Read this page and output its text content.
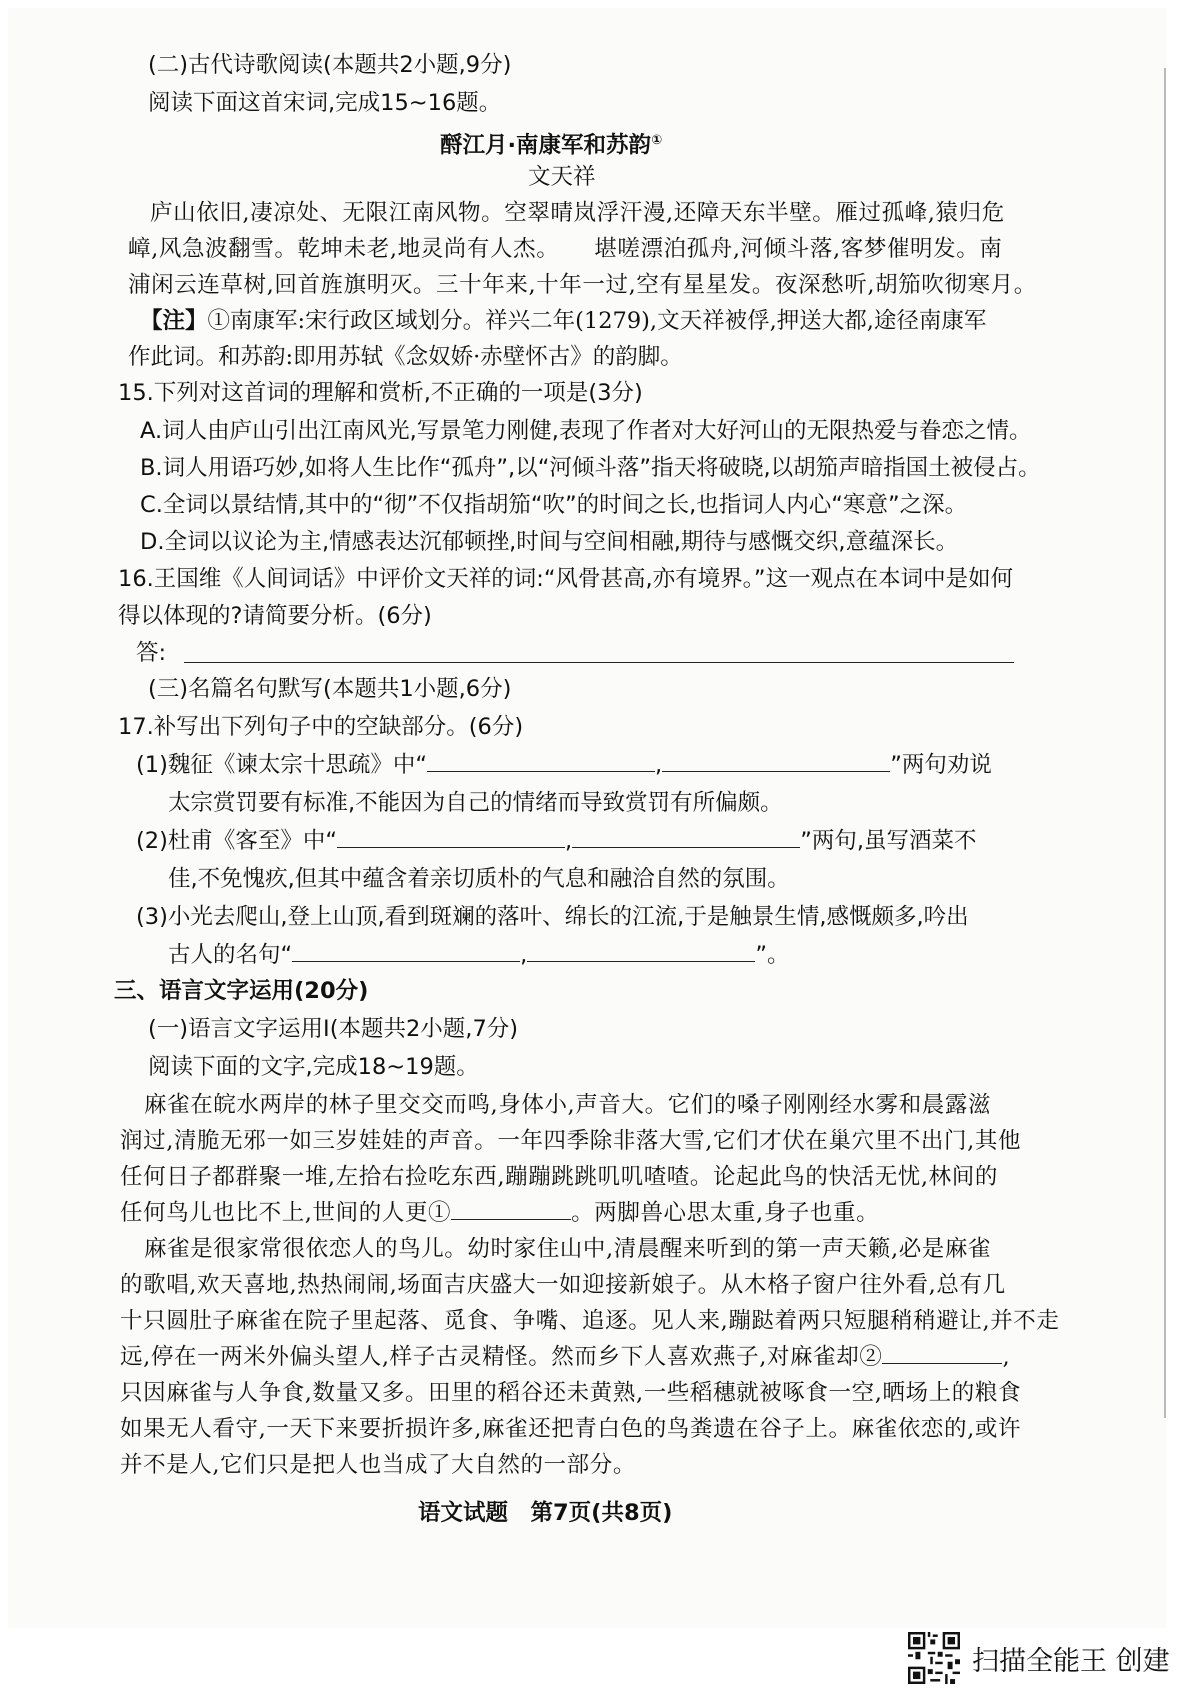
(二)古代诗歌阅读(本题共2小题,9分)
阅读下面这首宋词,完成15~16题。
酹江月·南康军和苏韵①
文天祥
庐山依旧,凄凉处、无限江南风物。空翠晴岚浮汗漫,还障天东半壁。雁过孤峰,猿归危
嶂,风急波翻雪。乾坤未老,地灵尚有人杰。　　堪嗟漂泊孤舟,河倾斗落,客梦催明发。南
浦闲云连草树,回首旌旗明灭。三十年来,十年一过,空有星星发。夜深愁听,胡笳吹彻寒月。
【注】①南康军:宋行政区域划分。祥兴二年(1279),文天祥被俘,押送大都,途径南康军
作此词。和苏韵:即用苏轼《念奴娇·赤壁怀古》的韵脚。
15.下列对这首词的理解和赏析,不正确的一项是(3分)
A.词人由庐山引出江南风光,写景笔力刚健,表现了作者对大好河山的无限热爱与眷恋之情。
B.词人用语巧妙,如将人生比作“孤舟”,以“河倾斗落”指天将破晓,以胡笳声暗指国土被侵占。
C.全词以景结情,其中的“彻”不仅指胡笳“吹”的时间之长,也指词人内心“寒意”之深。
D.全词以议论为主,情感表达沉郁顿挫,时间与空间相融,期待与感慨交织,意蕴深长。
16.王国维《人间词话》中评价文天祥的词:“风骨甚高,亦有境界。”这一观点在本词中是如何
得以体现的?请简要分析。(6分)
答:
(三)名篇名句默写(本题共1小题,6分)
17.补写出下列句子中的空缺部分。(6分)
(1)魏征《谏太宗十思疏》中“	,	”两句劝说
太宗赏罚要有标准,不能因为自己的情绪而导致赏罚有所偏颇。
(2)杜甫《客至》中“	,	”两句,虽写酒菜不
佳,不免愧疚,但其中蕴含着亲切质朴的气息和融洽自然的氛围。
(3)小光去爬山,登上山顶,看到斑斓的落叶、绵长的江流,于是触景生情,感慨颇多,吟出
古人的名句“	,	”。
三、语言文字运用(20分)
(一)语言文字运用Ⅰ(本题共2小题,7分)
阅读下面的文字,完成18~19题。
麻雀在皖水两岸的林子里交交而鸣,身体小,声音大。它们的嗓子刚刚经水雾和晨露滋
润过,清脆无邪一如三岁娃娃的声音。一年四季除非落大雪,它们才伏在巢穴里不出门,其他
任何日子都群聚一堆,左拾右捡吃东西,蹦蹦跳跳叽叽喳喳。论起此鸟的快活无忧,林间的
任何鸟儿也比不上,世间的人更①	。两脚兽心思太重,身子也重。
麻雀是很家常很依恋人的鸟儿。幼时家住山中,清晨醒来听到的第一声天籁,必是麻雀
的歌唱,欢天喜地,热热闹闹,场面吉庆盛大一如迎接新娘子。从木格子窗户往外看,总有几
十只圆肚子麻雀在院子里起落、觅食、争嘴、追逐。见人来,蹦跶着两只短腿稍稍避让,并不走
远,停在一两米外偏头望人,样子古灵精怪。然而乡下人喜欢燕子,对麻雀却②	,
只因麻雀与人争食,数量又多。田里的稻谷还未黄熟,一些稻穗就被啄食一空,晒场上的粮食
如果无人看守,一天下来要折损许多,麻雀还把青白色的鸟粪遗在谷子上。麻雀依恋的,或许
并不是人,它们只是把人也当成了大自然的一部分。
语文试题　第7页(共8页)
扫描全能王 创建
